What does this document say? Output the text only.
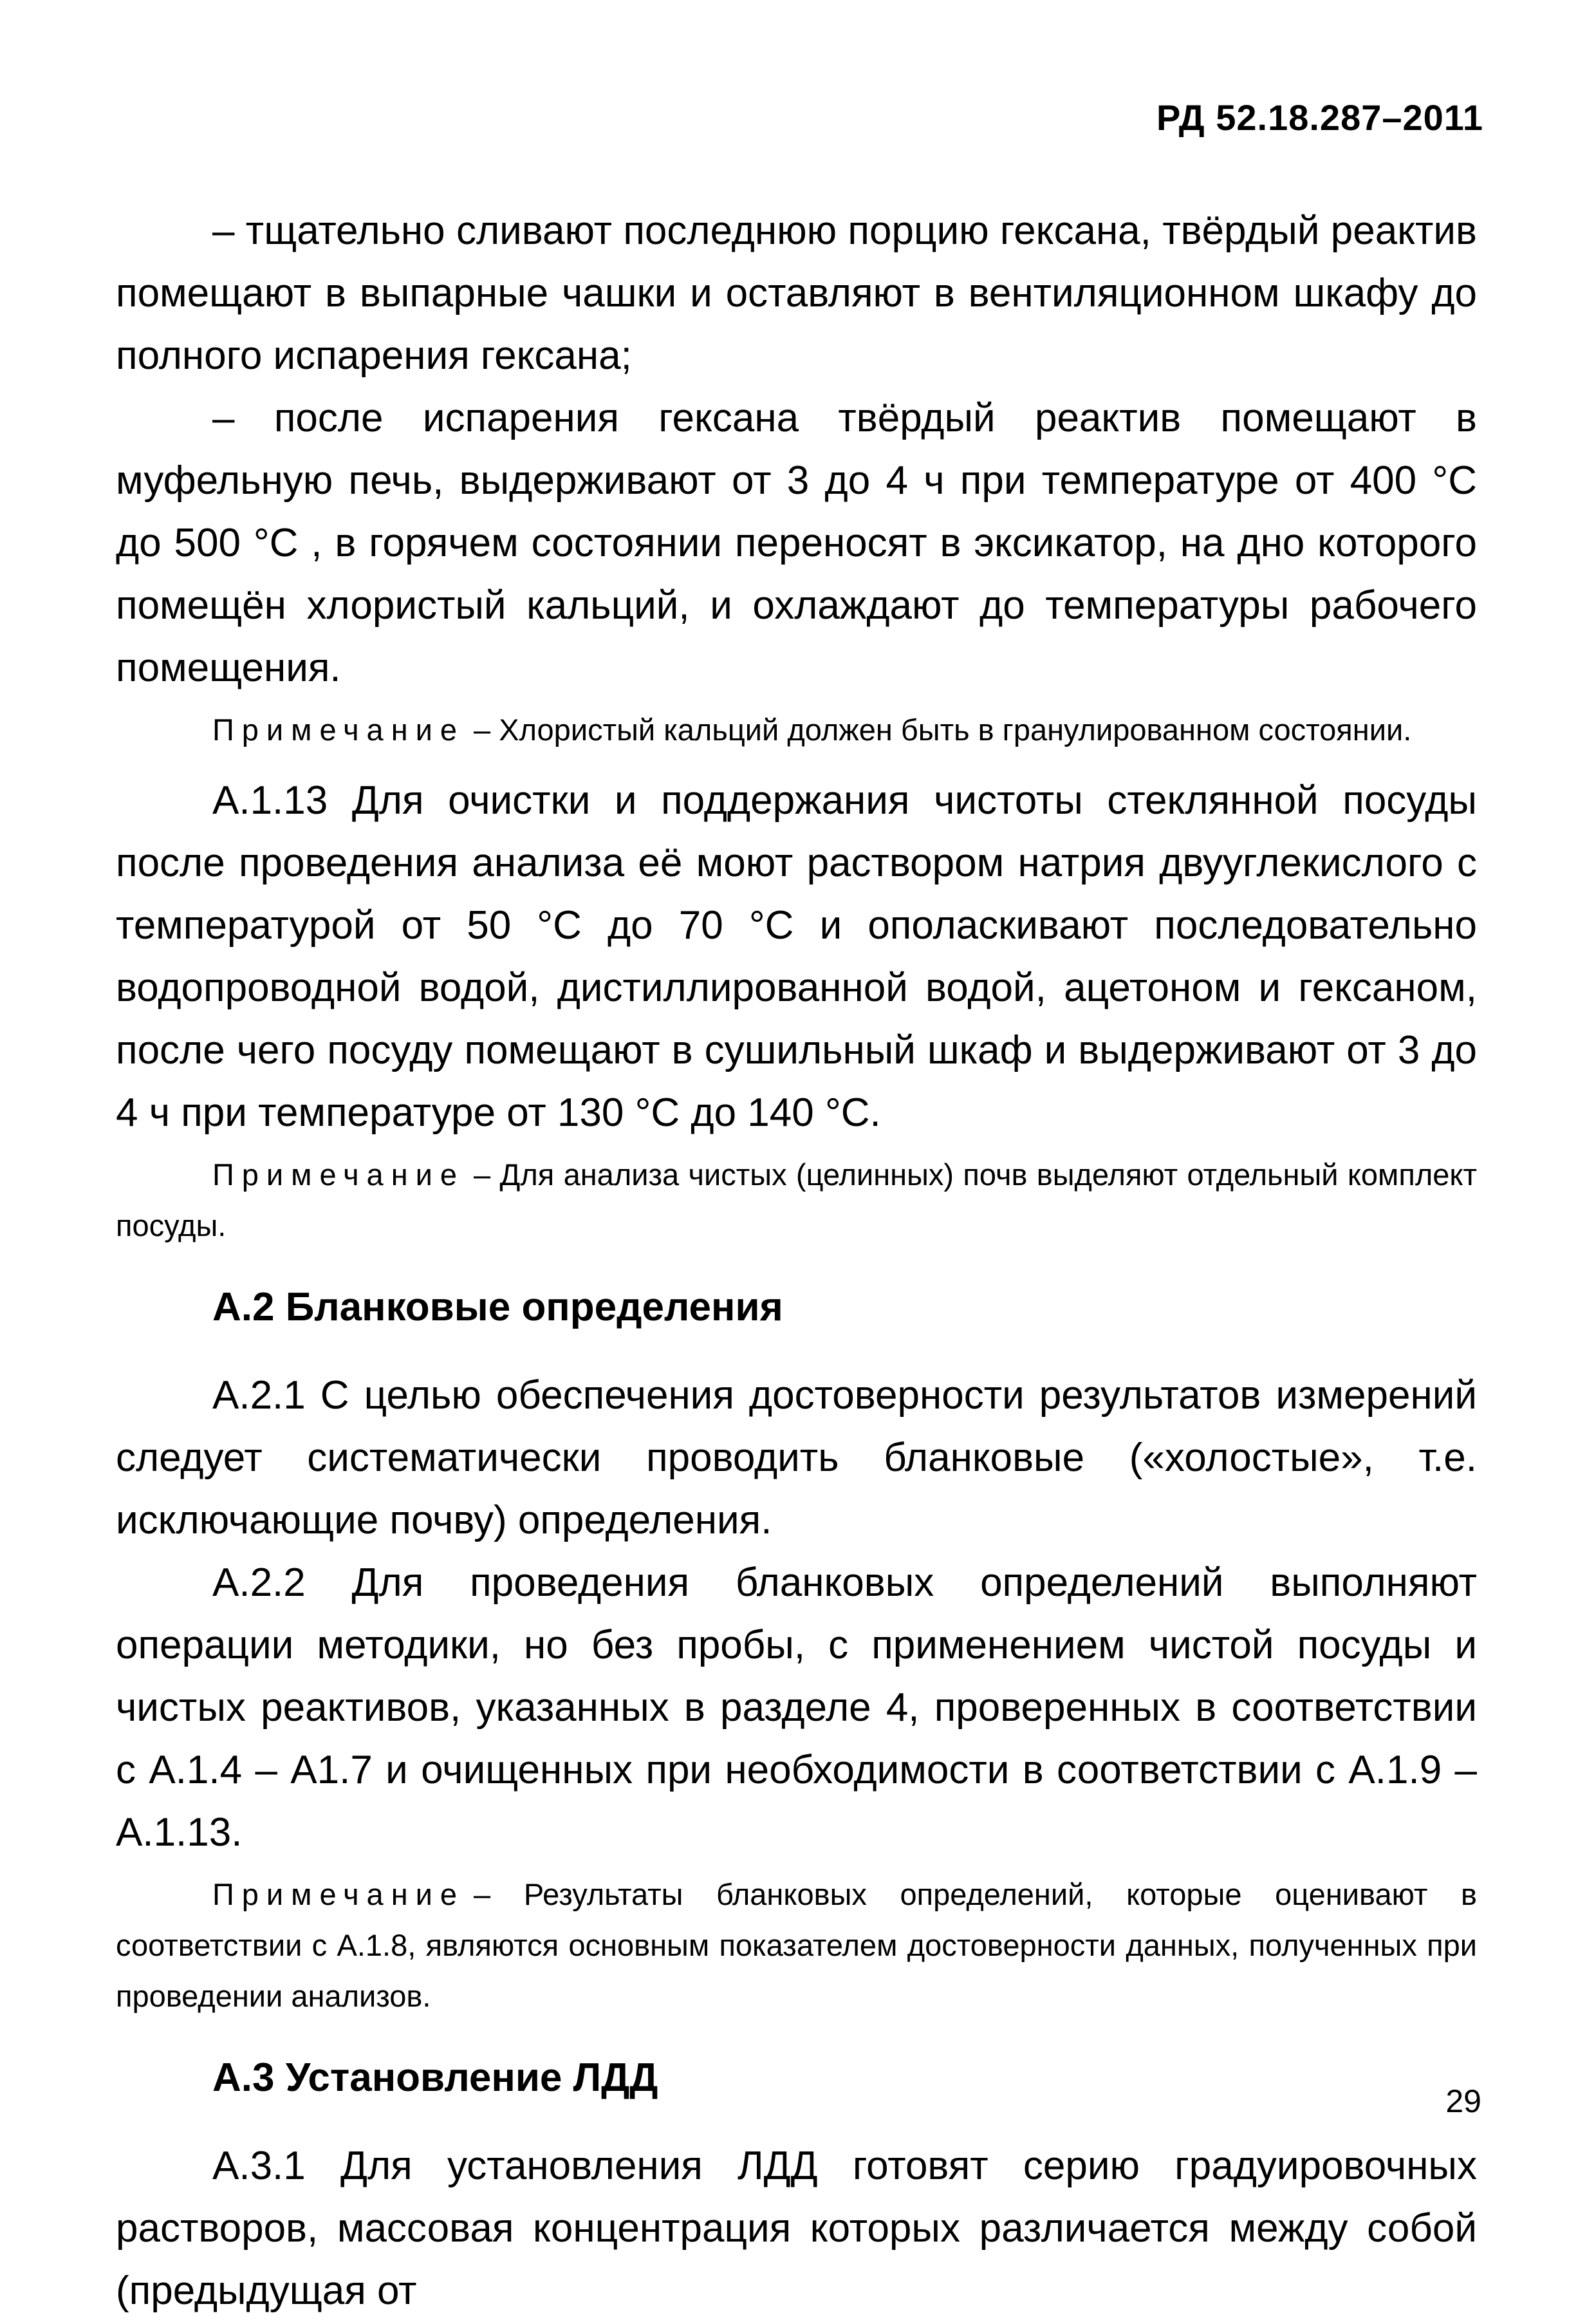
РД 52.18.287–2011

– тщательно сливают последнюю порцию гексана, твёрдый реактив помещают в выпарные чашки и оставляют в вентиляционном шкафу до полного испарения гексана;

– после испарения гексана твёрдый реактив помещают в муфельную печь, выдерживают от 3 до 4 ч при температуре от 400 °С до 500 °С , в горячем состоянии переносят в эксикатор, на дно которого помещён хлористый кальций, и охлаждают до температуры рабочего помещения.

Примечание – Хлористый кальций должен быть в гранулированном состоянии.

А.1.13 Для очистки и поддержания чистоты стеклянной посуды после проведения анализа её моют раствором натрия двууглекислого с температурой от 50 °С до 70 °С и ополаскивают последовательно водопроводной водой, дистиллированной водой, ацетоном и гексаном, после чего посуду помещают в сушильный шкаф и выдерживают от 3 до 4 ч при температуре от 130 °С до 140 °С.

Примечание – Для анализа чистых (целинных) почв выделяют отдельный комплект посуды.

А.2 Бланковые определения

А.2.1 С целью обеспечения достоверности результатов измерений следует систематически проводить бланковые («холостые», т.е. исключающие почву) определения.

А.2.2 Для проведения бланковых определений выполняют операции методики, но без пробы, с применением чистой посуды и чистых реактивов, указанных в разделе 4, проверенных в соответствии с А.1.4 – А1.7 и очищенных при необходимости в соответствии с А.1.9 – А.1.13.

Примечание – Результаты бланковых определений, которые оценивают в соответствии с А.1.8, являются основным показателем достоверности данных, полученных при проведении анализов.

А.3 Установление ЛДД

А.3.1 Для установления ЛДД готовят серию градуировочных растворов, массовая концентрация которых различается между собой (предыдущая от

29
